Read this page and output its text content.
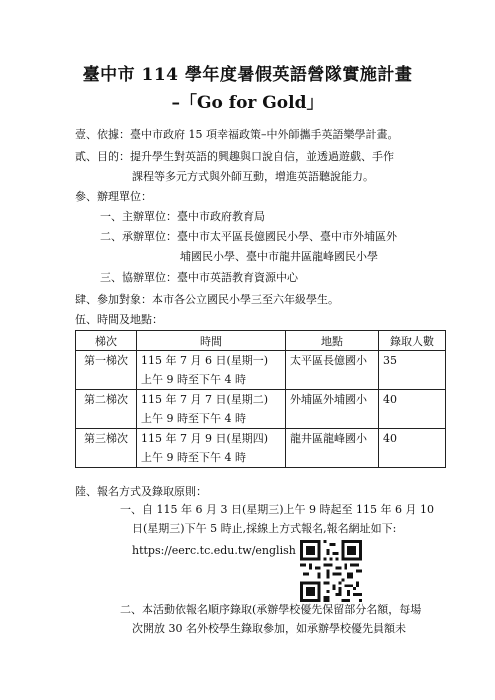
臺中市 114 學年度暑假英語營隊實施計畫
–「Go for Gold」
壹、依據：臺中市政府 15 項幸福政策–中外師攜手英語樂學計畫。
貳、目的：提升學生對英語的興趣與口說自信，並透過遊戲、手作
課程等多元方式與外師互動，增進英語聽說能力。
參、辦理單位：
一、主辦單位：臺中市政府教育局
二、承辦單位：臺中市太平區長億國民小學、臺中市外埔區外
埔國民小學、臺中市龍井區龍峰國民小學
三、協辦單位：臺中市英語教育資源中心
肆、參加對象：本市各公立國民小學三至六年級學生。
伍、時間及地點：
梯次	時間	地點	錄取人數
第一梯次	115 年 7 月 6 日(星期一)
上午 9 時至下午 4 時	太平區長億國小	35
第二梯次	115 年 7 月 7 日(星期二)
上午 9 時至下午 4 時	外埔區外埔國小	40
第三梯次	115 年 7 月 9 日(星期四)
上午 9 時至下午 4 時	龍井區龍峰國小	40
陸、報名方式及錄取原則：
一、自 115 年 6 月 3 日(星期三)上午 9 時起至 115 年 6 月 10
日(星期三)下午 5 時止,採線上方式報名,報名網址如下:
https://eerc.tc.edu.tw/english
二、本活動依報名順序錄取(承辦學校優先保留部分名額，每場
次開放 30 名外校學生錄取參加，如承辦學校優先員額未
